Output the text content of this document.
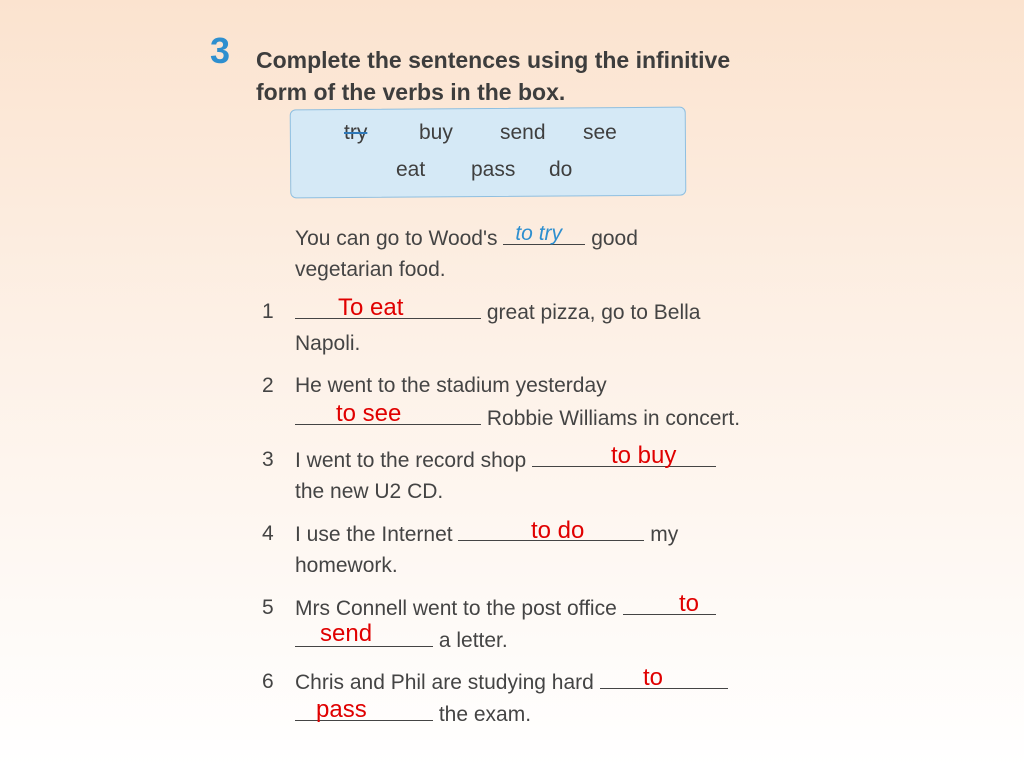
3 Complete the sentences using the infinitive
form of the verbs in the box.
try buy send see
eat pass do
You can go to Wood's to try good
vegetarian food.
1	great pizza, go to Bella
Napoli.
To eat
2 He went to the stadium yesterday
Robbie Williams in concert.
to see
3 I went to the record shop
the new U2 CD.
to buy
4 I use the Internet	my
homework.
to do
5 Mrs Connell went to the post office
a letter.
to
send
6 Chris and Phil are studying hard
the exam.
to
pass
